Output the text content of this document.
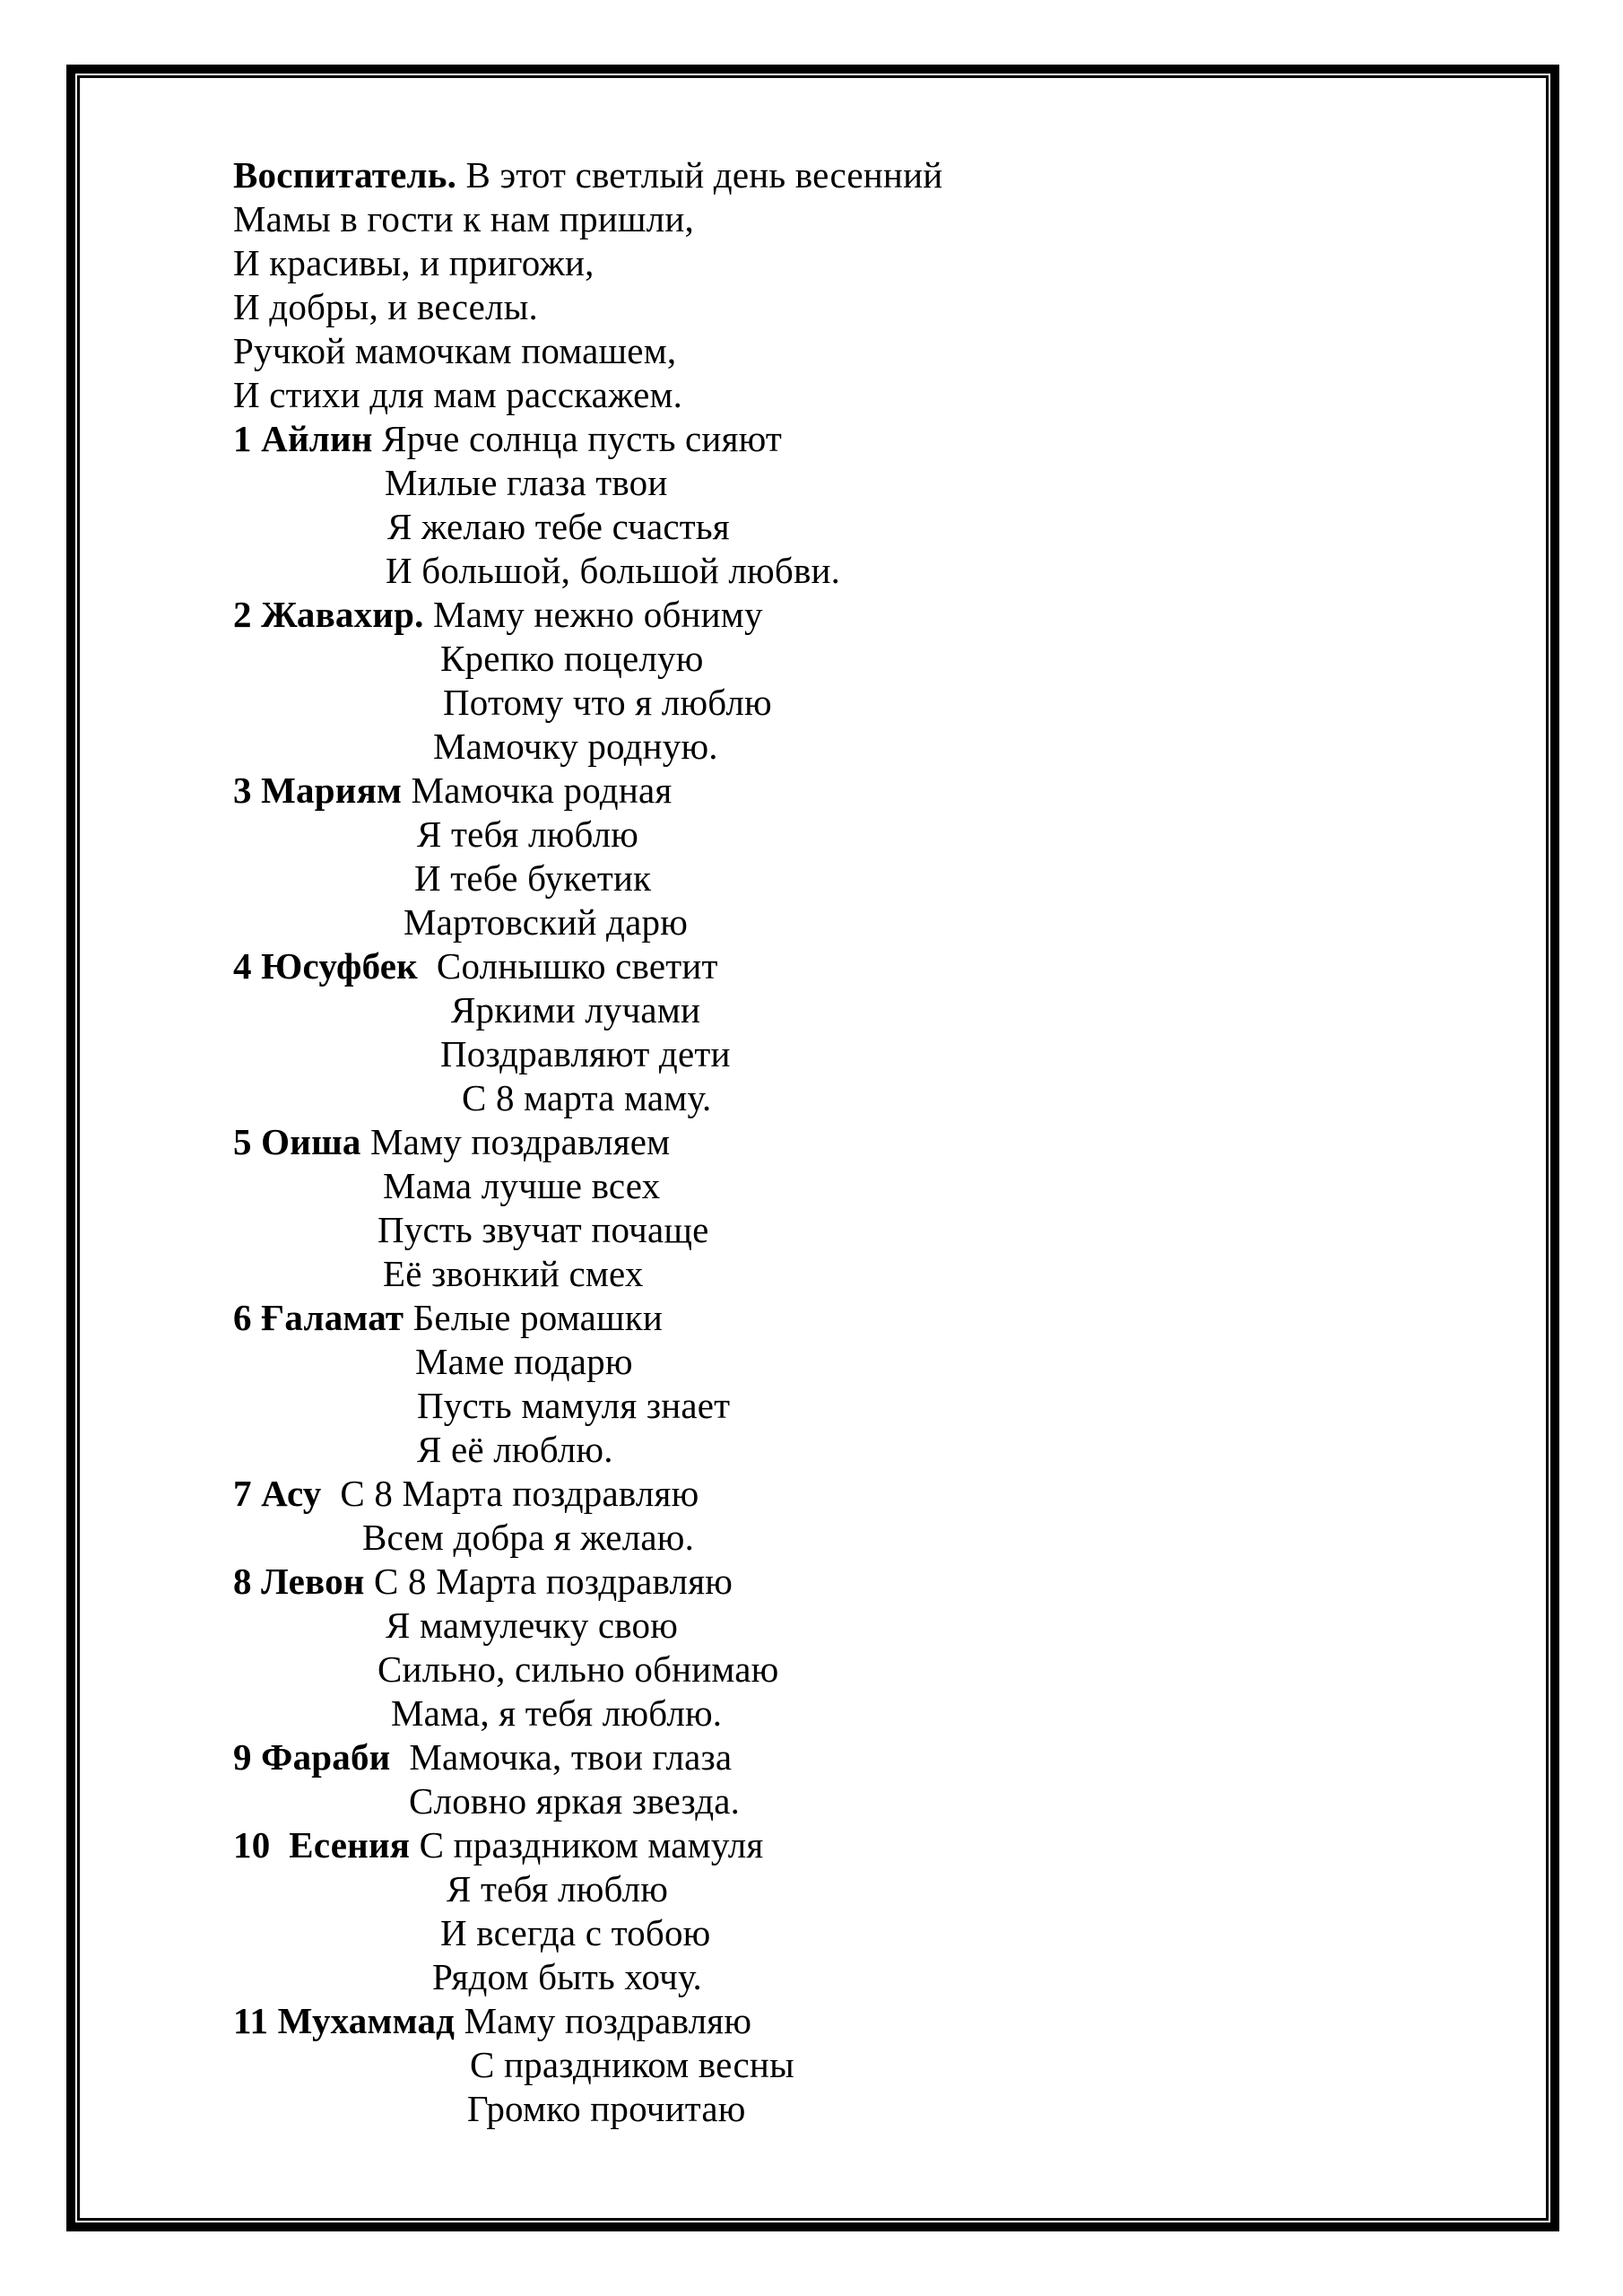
Воспитатель. В этот светлый день весенний
Мамы в гости к нам пришли,
И красивы, и пригожи,
И добры, и веселы.
Ручкой мамочкам помашем,
И стихи для мам расскажем.
1 Айлин Ярче солнца пусть сияют
Милые глаза твои
Я желаю тебе счастья
И большой, большой любви.
2 Жавахир. Маму нежно обниму
Крепко поцелую
Потому что я люблю
Мамочку родную.
3 Мариям Мамочка родная
Я тебя люблю
И тебе букетик
Мартовский дарю
4 Юсуфбек  Солнышко светит
Яркими лучами
Поздравляют дети
С 8 марта маму.
5 Оиша Маму поздравляем
Мама лучше всех
Пусть звучат почаще
Её звонкий смех
6 Ғаламат Белые ромашки
Маме подарю
Пусть мамуля знает
Я её люблю.
7 Асу  С 8 Марта поздравляю
Всем добра я желаю.
8 Левон С 8 Марта поздравляю
Я мамулечку свою
Сильно, сильно обнимаю
Мама, я тебя люблю.
9 Фараби  Мамочка, твои глаза
Словно яркая звезда.
10  Есения С праздником мамуля
Я тебя люблю
И всегда с тобою
Рядом быть хочу.
11 Мухаммад Маму поздравляю
С праздником весны
Громко прочитаю
